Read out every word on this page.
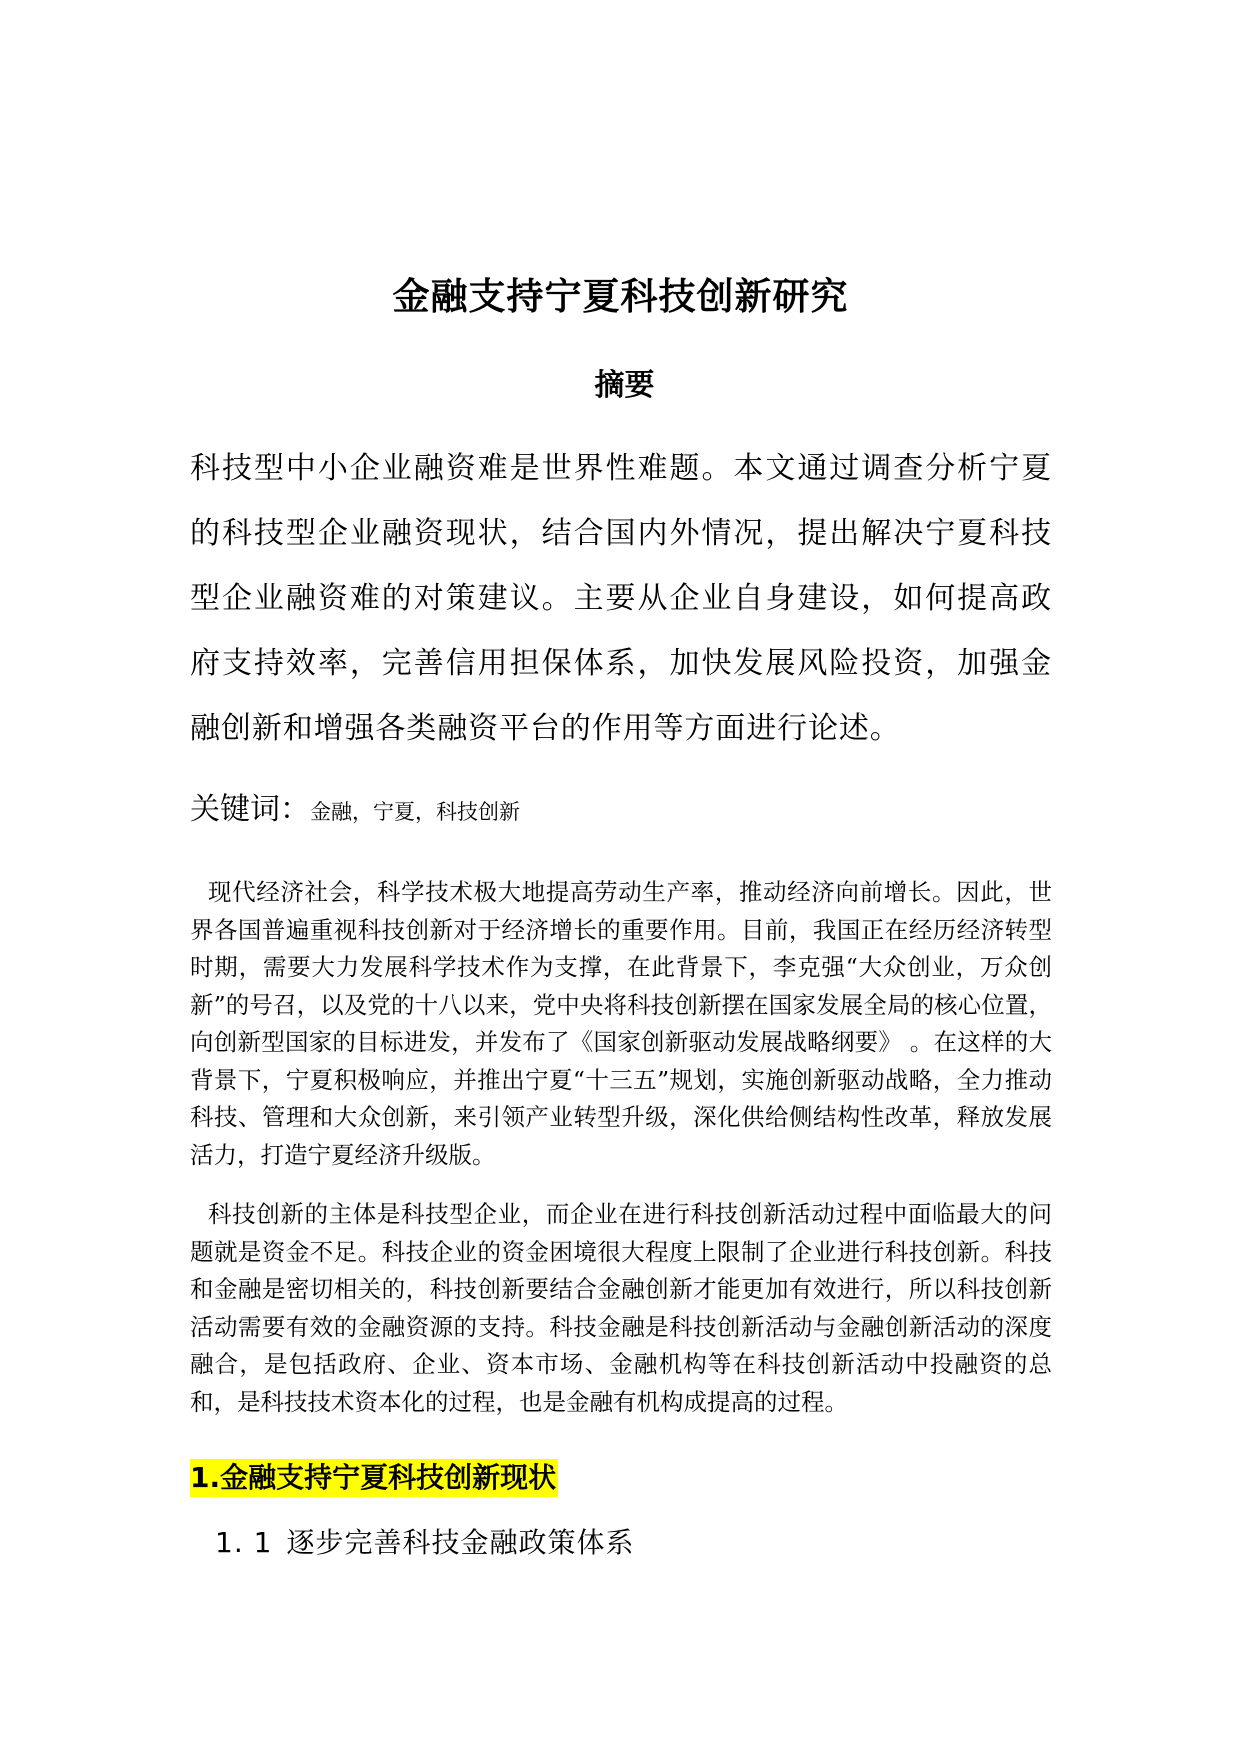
金融支持宁夏科技创新研究
摘要
科技型中小企业融资难是世界性难题。本文通过调查分析宁夏的科技型企业融资现状，结合国内外情况，提出解决宁夏科技型企业融资难的对策建议。主要从企业自身建设，如何提高政府支持效率，完善信用担保体系，加快发展风险投资，加强金融创新和增强各类融资平台的作用等方面进行论述。
关键词：金融，宁夏，科技创新

现代经济社会，科学技术极大地提高劳动生产率，推动经济向前增长。因此，世界各国普遍重视科技创新对于经济增长的重要作用。目前，我国正在经历经济转型时期，需要大力发展科学技术作为支撑，在此背景下，李克强“大众创业，万众创新”的号召，以及党的十八以来，党中央将科技创新摆在国家发展全局的核心位置，向创新型国家的目标进发，并发布了《国家创新驱动发展战略纲要》 。在这样的大背景下，宁夏积极响应，并推出宁夏“十三五”规划，实施创新驱动战略，全力推动科技、管理和大众创新，来引领产业转型升级，深化供给侧结构性改革，释放发展活力，打造宁夏经济升级版。

科技创新的主体是科技型企业，而企业在进行科技创新活动过程中面临最大的问题就是资金不足。科技企业的资金困境很大程度上限制了企业进行科技创新。科技和金融是密切相关的，科技创新要结合金融创新才能更加有效进行，所以科技创新活动需要有效的金融资源的支持。科技金融是科技创新活动与金融创新活动的深度融合，是包括政府、企业、资本市场、金融机构等在科技创新活动中投融资的总和，是科技技术资本化的过程，也是金融有机构成提高的过程。

1.金融支持宁夏科技创新现状
1. 1 逐步完善科技金融政策体系
